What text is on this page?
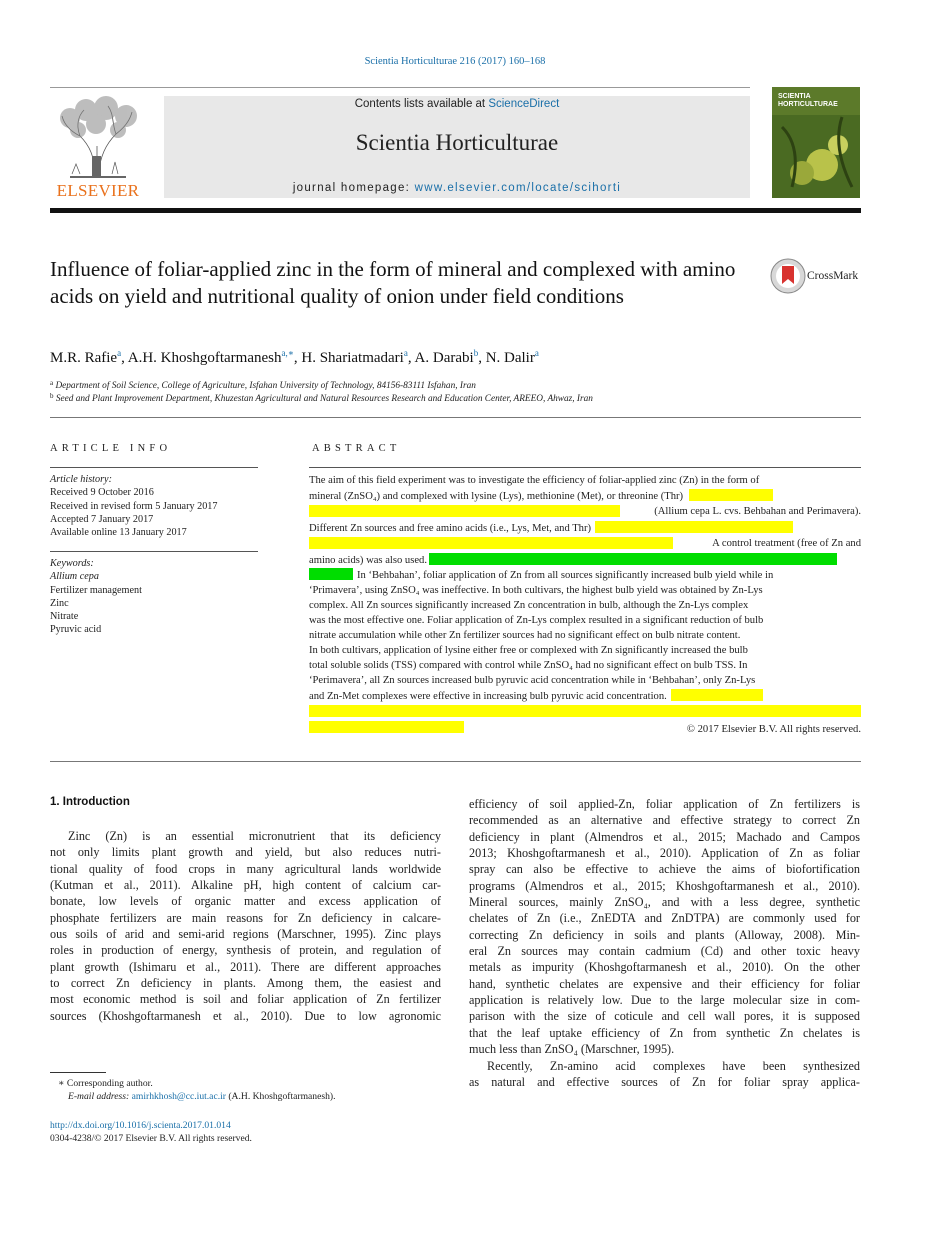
Scientia Horticulturae 216 (2017) 160–168
ELSEVIER
Contents lists available at ScienceDirect
Scientia Horticulturae
journal homepage: www.elsevier.com/locate/scihorti
SCIENTIA HORTICULTURAE
Influence of foliar-applied zinc in the form of mineral and complexed with amino acids on yield and nutritional quality of onion under field conditions
CrossMark
M.R. Rafie$^a$, A.H. Khoshgoftarmanesh$^{a,∗}$, H. Shariatmadari$^a$, A. Darabi$^b$, N. Dalir$^a$
$^a$ Department of Soil Science, College of Agriculture, Isfahan University of Technology, 84156-83111 Isfahan, Iran
$^b$ Seed and Plant Improvement Department, Khuzestan Agricultural and Natural Resources Research and Education Center, AREEO, Ahwaz, Iran
ARTICLE INFO	ABSTRACT
Article history:
Received 9 October 2016
Received in revised form 5 January 2017
Accepted 7 January 2017
Available online 13 January 2017
Keywords:
Allium cepa
Fertilizer management
Zinc
Nitrate
Pyruvic acid
The aim of this field experiment was to investigate the efficiency of foliar-applied zinc (Zn) in the form of
mineral (ZnSO₄) and complexed with lysine (Lys), methionine (Met), or threonine (Thr)
(Allium cepa L. cvs. Behbahan and Perimavera).
Different Zn sources and free amino acids (i.e., Lys, Met, and Thr)
A control treatment (free of Zn and
amino acids) was also used.
In ‘Behbahan’, foliar application of Zn from all sources significantly increased bulb yield while in
‘Primavera’, using ZnSO₄ was ineffective. In both cultivars, the highest bulb yield was obtained by Zn-Lys
complex. All Zn sources significantly increased Zn concentration in bulb, although the Zn-Lys complex
was the most effective one. Foliar application of Zn-Lys complex resulted in a significant reduction of bulb
nitrate accumulation while other Zn fertilizer sources had no significant effect on bulb nitrate content.
In both cultivars, application of lysine either free or complexed with Zn significantly increased the bulb
total soluble solids (TSS) compared with control while ZnSO₄ had no significant effect on bulb TSS. In
‘Perimavera’, all Zn sources increased bulb pyruvic acid concentration while in ‘Behbahan’, only Zn-Lys
and Zn-Met complexes were effective in increasing bulb pyruvic acid concentration.
© 2017 Elsevier B.V. All rights reserved.
1. Introduction
Zinc (Zn) is an essential micronutrient that its deficiency
not only limits plant growth and yield, but also reduces nutri-
tional quality of food crops in many agricultural lands worldwide
(Kutman et al., 2011). Alkaline pH, high content of calcium car-
bonate, low levels of organic matter and excess application of
phosphate fertilizers are main reasons for Zn deficiency in calcare-
ous soils of arid and semi-arid regions (Marschner, 1995). Zinc plays
roles in production of energy, synthesis of protein, and regulation of
plant growth (Ishimaru et al., 2011). There are different approaches
to correct Zn deficiency in plants. Among them, the easiest and
most economic method is soil and foliar application of Zn fertilizer
sources (Khoshgoftarmanesh et al., 2010). Due to low agronomic
efficiency of soil applied-Zn, foliar application of Zn fertilizers is
recommended as an alternative and effective strategy to correct Zn
deficiency in plant (Almendros et al., 2015; Machado and Campos
2013; Khoshgoftarmanesh et al., 2010). Application of Zn as foliar
spray can also be effective to achieve the aims of biofortification
programs (Almendros et al., 2015; Khoshgoftarmanesh et al., 2010).
Mineral sources, mainly ZnSO₄, and with a less degree, synthetic
chelates of Zn (i.e., ZnEDTA and ZnDTPA) are commonly used for
correcting Zn deficiency in soils and plants (Alloway, 2008). Min-
eral Zn sources may contain cadmium (Cd) and other toxic heavy
metals as impurity (Khoshgoftarmanesh et al., 2010). On the other
hand, synthetic chelates are expensive and their efficiency for foliar
application is relatively low. Due to the large molecular size in com-
parison with the size of coticule and cell wall pores, it is supposed
that the leaf uptake efficiency of Zn from synthetic Zn chelates is
much less than ZnSO₄ (Marschner, 1995).
Recently, Zn-amino acid complexes have been synthesized
as natural and effective sources of Zn for foliar spray applica-
∗ Corresponding author.
E-mail address: amirhkhosh@cc.iut.ac.ir (A.H. Khoshgoftarmanesh).
http://dx.doi.org/10.1016/j.scienta.2017.01.014
0304-4238/© 2017 Elsevier B.V. All rights reserved.
